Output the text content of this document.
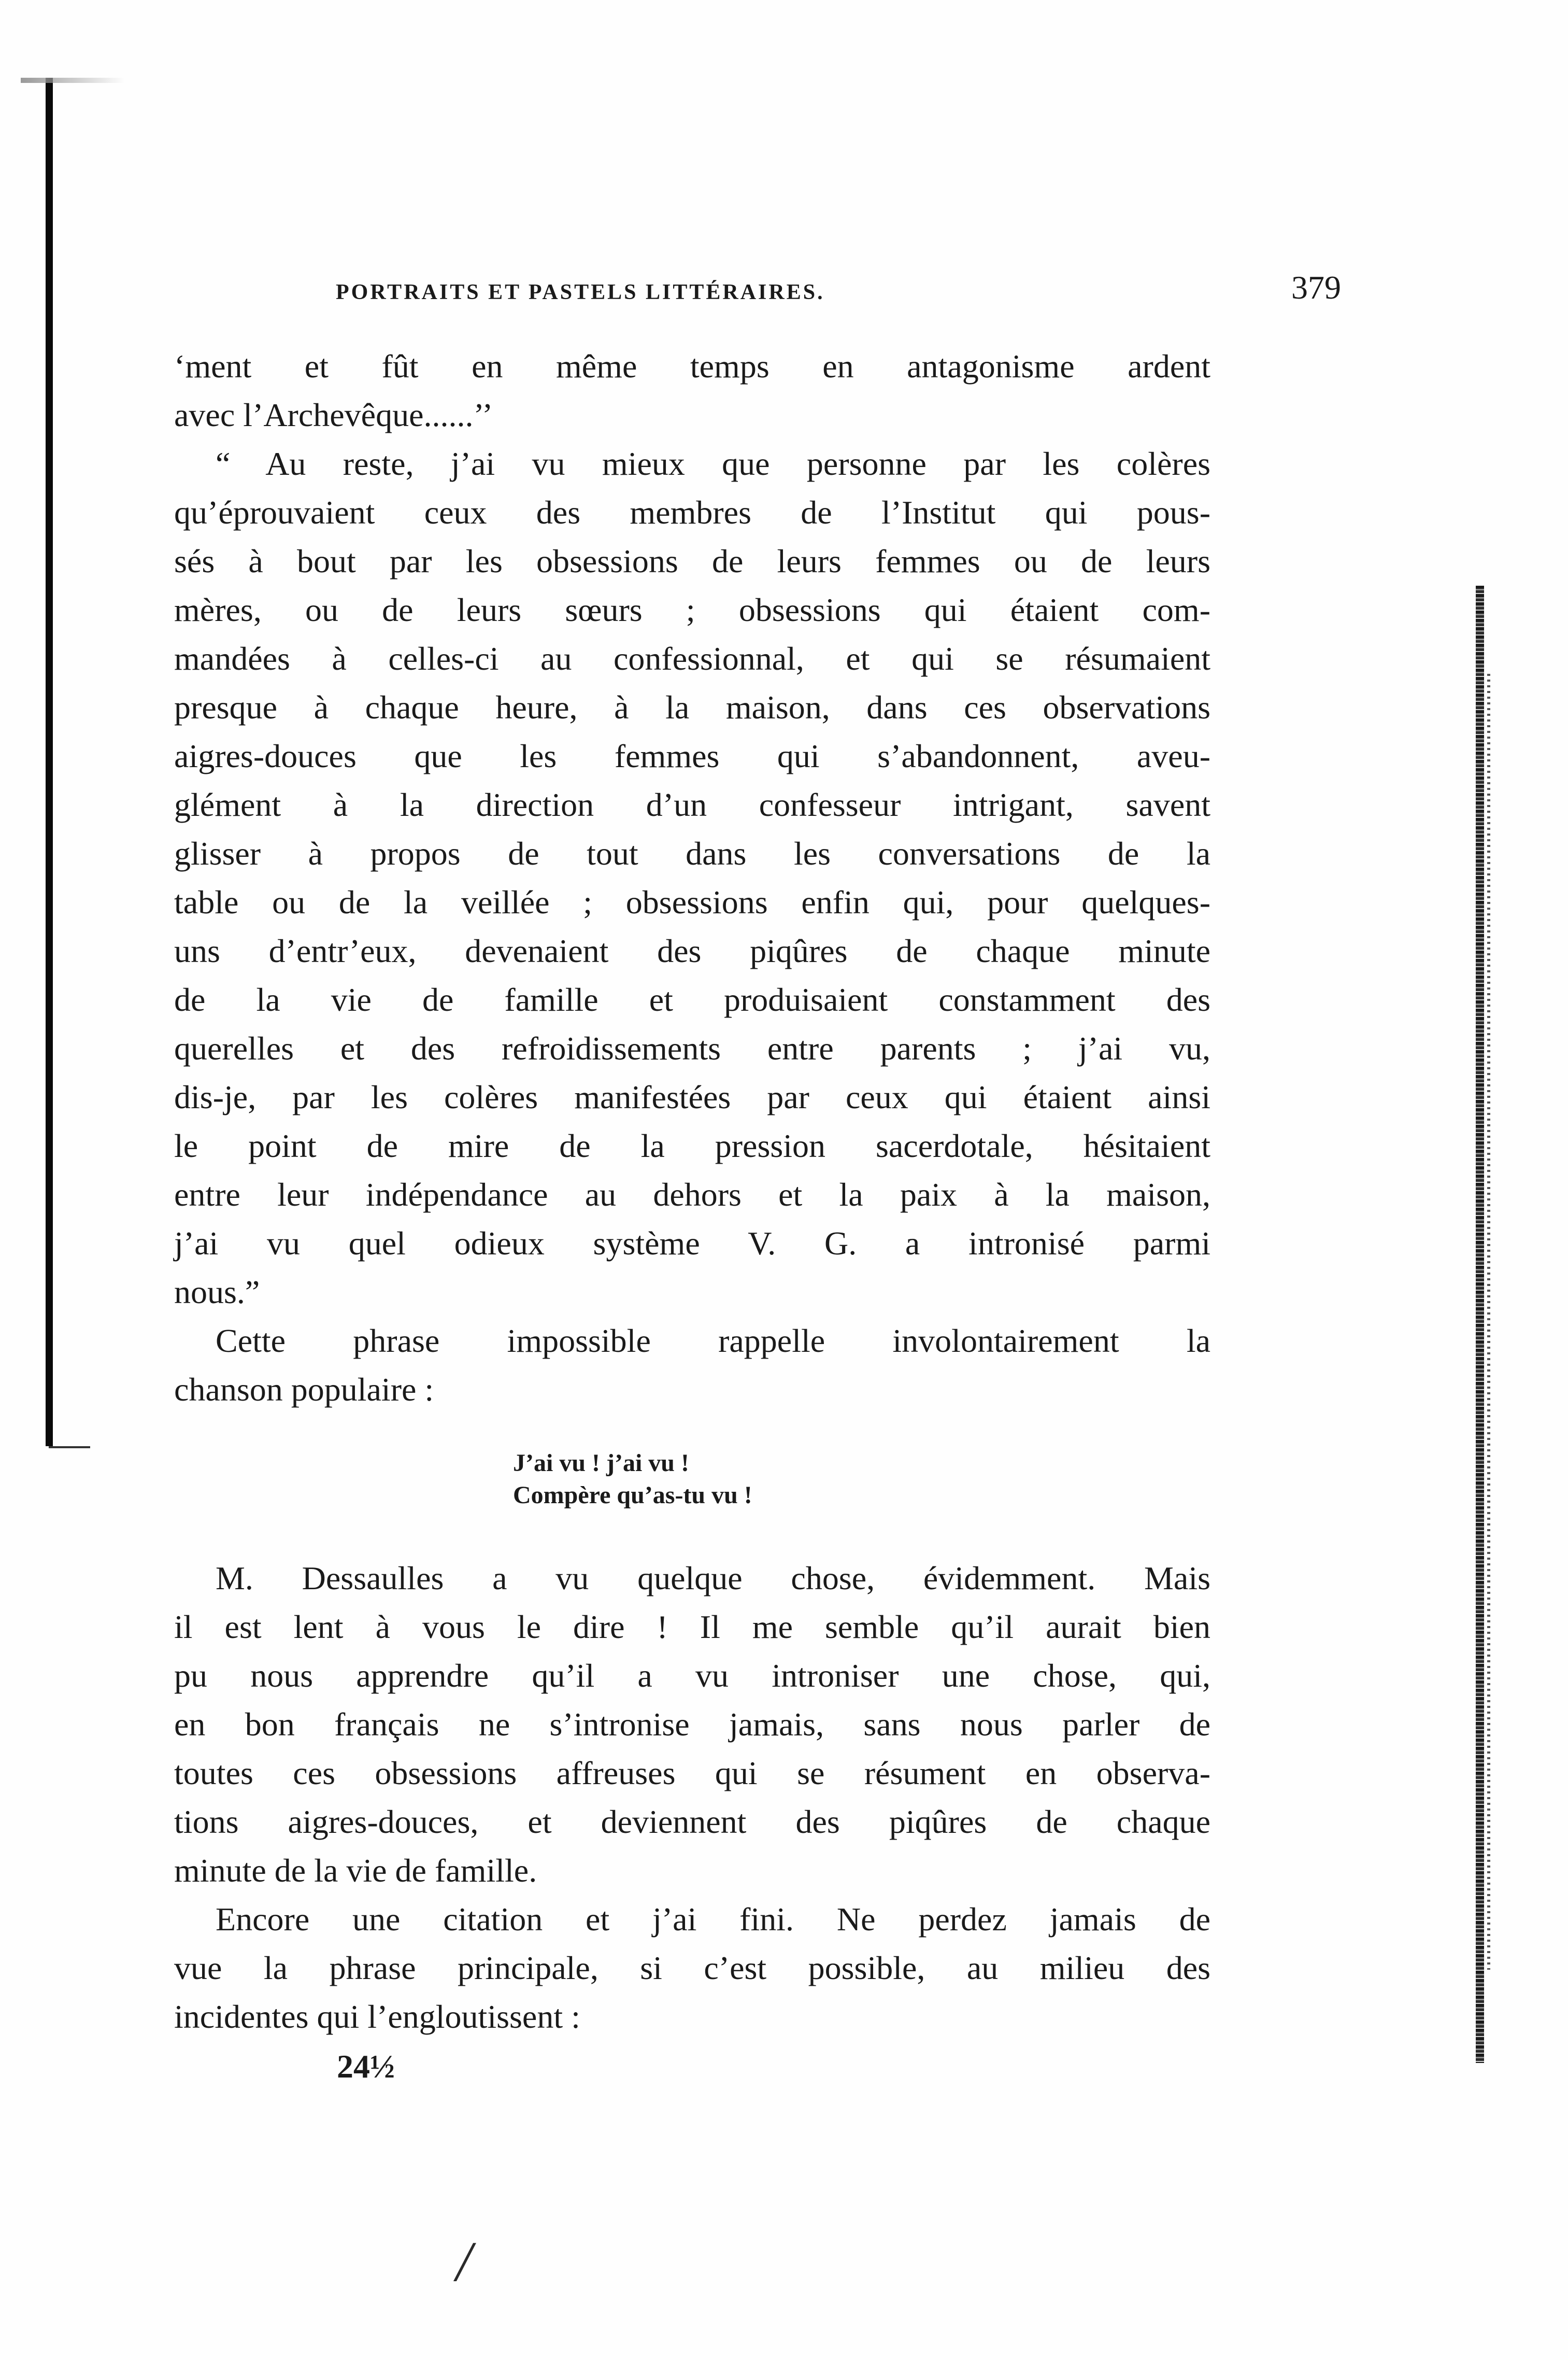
PORTRAITS ET PASTELS LITTÉRAIRES.	379
‘ment et fût en même temps en antagonisme ardent
avec l’Archevêque......’’
“ Au reste, j’ai vu mieux que personne par les colères
qu’éprouvaient ceux des membres de l’Institut qui pous-
sés à bout par les obsessions de leurs femmes ou de leurs
mères, ou de leurs sœurs ; obsessions qui étaient com-
mandées à celles-ci au confessionnal, et qui se résumaient
presque à chaque heure, à la maison, dans ces observations
aigres-douces que les femmes qui s’abandonnent, aveu-
glément à la direction d’un confesseur intrigant, savent
glisser à propos de tout dans les conversations de la
table ou de la veillée ; obsessions enfin qui, pour quelques-
uns d’entr’eux, devenaient des piqûres de chaque minute
de la vie de famille et produisaient constamment des
querelles et des refroidissements entre parents ; j’ai vu,
dis-je, par les colères manifestées par ceux qui étaient ainsi
le point de mire de la pression sacerdotale, hésitaient
entre leur indépendance au dehors et la paix à la maison,
j’ai vu quel odieux système V. G. a intronisé parmi
nous.”
Cette phrase impossible rappelle involontairement la
chanson populaire :
J’ai vu ! j’ai vu !
Compère qu’as-tu vu !
M. Dessaulles a vu quelque chose, évidemment. Mais
il est lent à vous le dire ! Il me semble qu’il aurait bien
pu nous apprendre qu’il a vu introniser une chose, qui,
en bon français ne s’intronise jamais, sans nous parler de
toutes ces obsessions affreuses qui se résument en observa-
tions aigres-douces, et deviennent des piqûres de chaque
minute de la vie de famille.
Encore une citation et j’ai fini. Ne perdez jamais de
vue la phrase principale, si c’est possible, au milieu des
incidentes qui l’engloutissent :
24½
/
